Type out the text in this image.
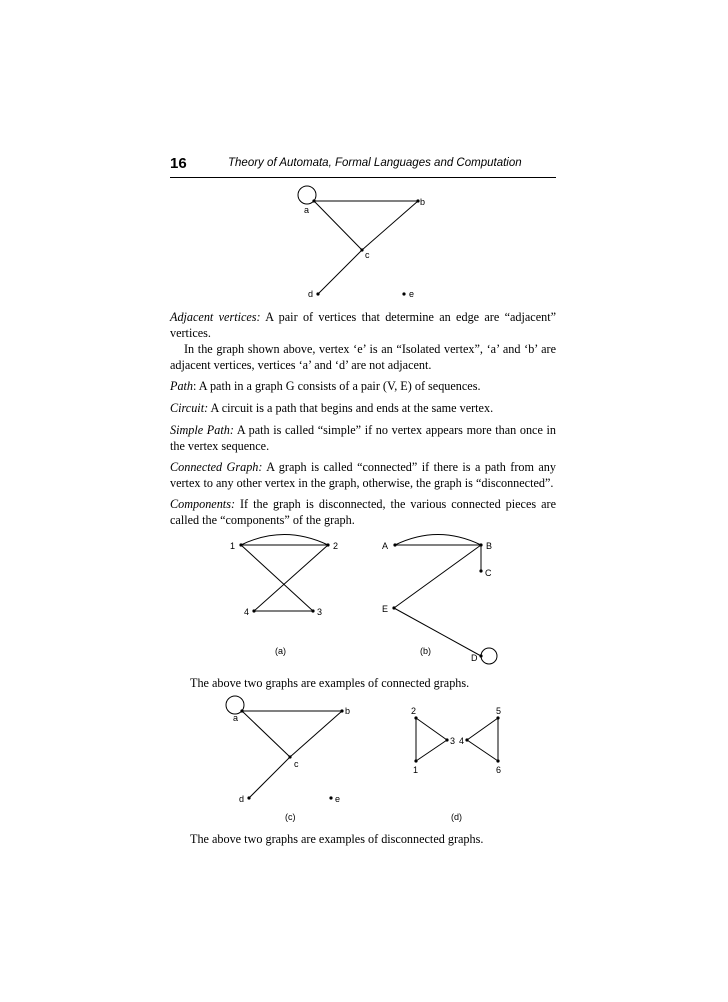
16	Theory of Automata, Formal Languages and Computation
a
b
c
d	e

Adjacent vertices: A pair of vertices that determine an edge are “adjacent” vertices.

In the graph shown above, vertex ‘e’ is an “Isolated vertex”, ‘a’ and ‘b’ are adjacent vertices, vertices ‘a’ and ‘d’ are not adjacent.

Path: A path in a graph G consists of a pair (V, E) of sequences.

Circuit: A circuit is a path that begins and ends at the same vertex.

Simple Path: A path is called “simple” if no vertex appears more than once in the vertex sequence.

Connected Graph: A graph is called “connected” if there is a path from any vertex to any other vertex in the graph, otherwise, the graph is “disconnected”.

Components: If the graph is disconnected, the various connected pieces are called the “components” of the graph.

1	2
3
4
(a)
A	B
C
D
E
(b)

The above two graphs are examples of connected graphs.

a
b
c
d	e
(c)
1
2
3 4
5
6
(d)

The above two graphs are examples of disconnected graphs.
